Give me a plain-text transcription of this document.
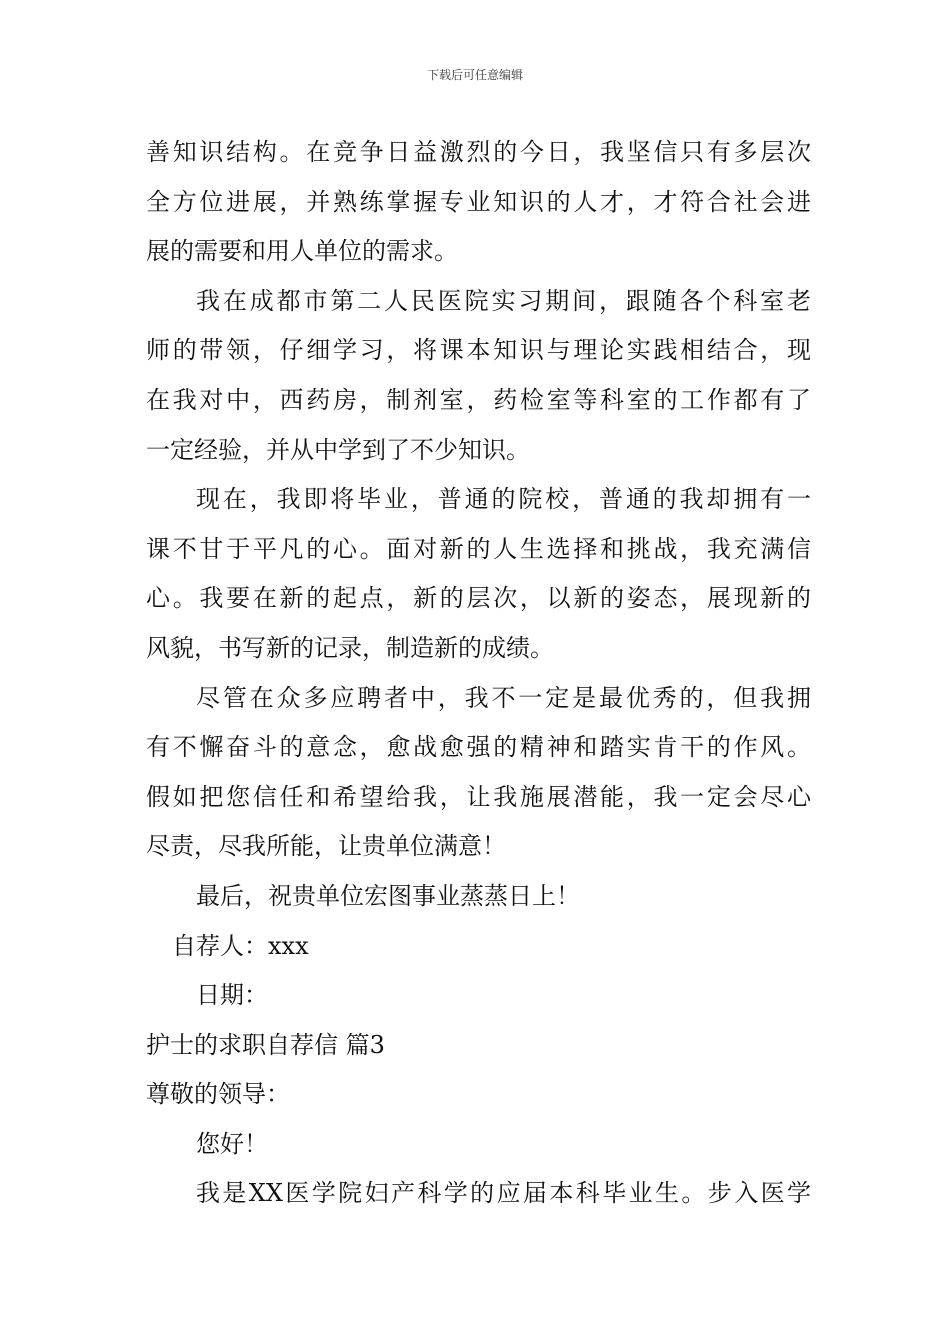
下载后可任意编辑
善知识结构。在竞争日益激烈的今日，我坚信只有多层次
全方位进展，并熟练掌握专业知识的人才，才符合社会进
展的需要和用人单位的需求。
我在成都市第二人民医院实习期间，跟随各个科室老
师的带领，仔细学习，将课本知识与理论实践相结合，现
在我对中，西药房，制剂室，药检室等科室的工作都有了
一定经验，并从中学到了不少知识。
现在，我即将毕业，普通的院校，普通的我却拥有一
课不甘于平凡的心。面对新的人生选择和挑战，我充满信
心。我要在新的起点，新的层次，以新的姿态，展现新的
风貌，书写新的记录，制造新的成绩。
尽管在众多应聘者中，我不一定是最优秀的，但我拥
有不懈奋斗的意念，愈战愈强的精神和踏实肯干的作风。
假如把您信任和希望给我，让我施展潜能，我一定会尽心
尽责，尽我所能，让贵单位满意！
最后，祝贵单位宏图事业蒸蒸日上！
自荐人：xxx
日期：
护士的求职自荐信 篇3
尊敬的领导：
您好！
我是XX医学院妇产科学的应届本科毕业生。步入医学
